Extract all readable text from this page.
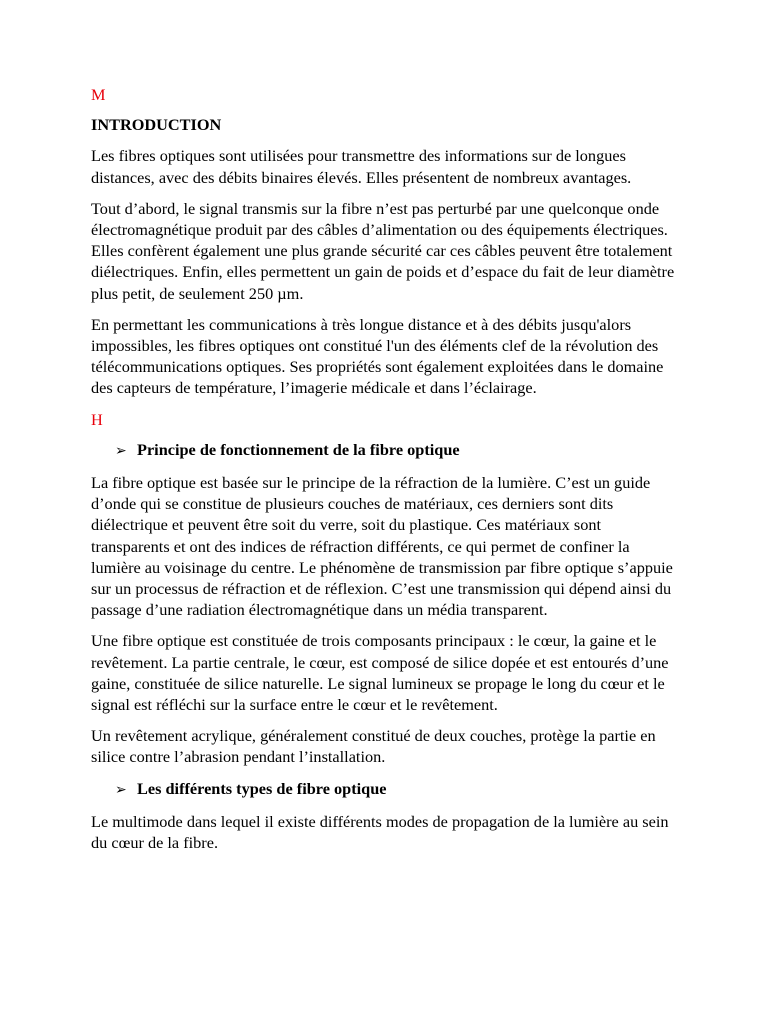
M
INTRODUCTION

Les fibres optiques sont utilisées pour transmettre des informations sur de longues distances, avec des débits binaires élevés. Elles présentent de nombreux avantages.

Tout d’abord, le signal transmis sur la fibre n’est pas perturbé par une quelconque onde électromagnétique produit par des câbles d’alimentation ou des équipements électriques. Elles confèrent également une plus grande sécurité car ces câbles peuvent être totalement diélectriques. Enfin, elles permettent un gain de poids et d’espace du fait de leur diamètre plus petit, de seulement 250 µm.

En permettant les communications à très longue distance et à des débits jusqu'alors impossibles, les fibres optiques ont constitué l'un des éléments clef de la révolution des télécommunications optiques. Ses propriétés sont également exploitées dans le domaine des capteurs de température, l’imagerie médicale et dans l’éclairage.

H
➢ Principe de fonctionnement de la fibre optique

La fibre optique est basée sur le principe de la réfraction de la lumière. C’est un guide d’onde qui se constitue de plusieurs couches de matériaux, ces derniers sont dits diélectrique et peuvent être soit du verre, soit du plastique. Ces matériaux sont transparents et ont des indices de réfraction différents, ce qui permet de confiner la lumière au voisinage du centre. Le phénomène de transmission par fibre optique s’appuie sur un processus de réfraction et de réflexion. C’est une transmission qui dépend ainsi du passage d’une radiation électromagnétique dans un média transparent.

Une fibre optique est constituée de trois composants principaux : le cœur, la gaine et le revêtement. La partie centrale, le cœur, est composé de silice dopée et est entourés d’une gaine, constituée de silice naturelle. Le signal lumineux se propage le long du cœur et le signal est réfléchi sur la surface entre le cœur et le revêtement.

Un revêtement acrylique, généralement constitué de deux couches, protège la partie en silice contre l’abrasion pendant l’installation.

➢ Les différents types de fibre optique

Le multimode dans lequel il existe différents modes de propagation de la lumière au sein du cœur de la fibre.
